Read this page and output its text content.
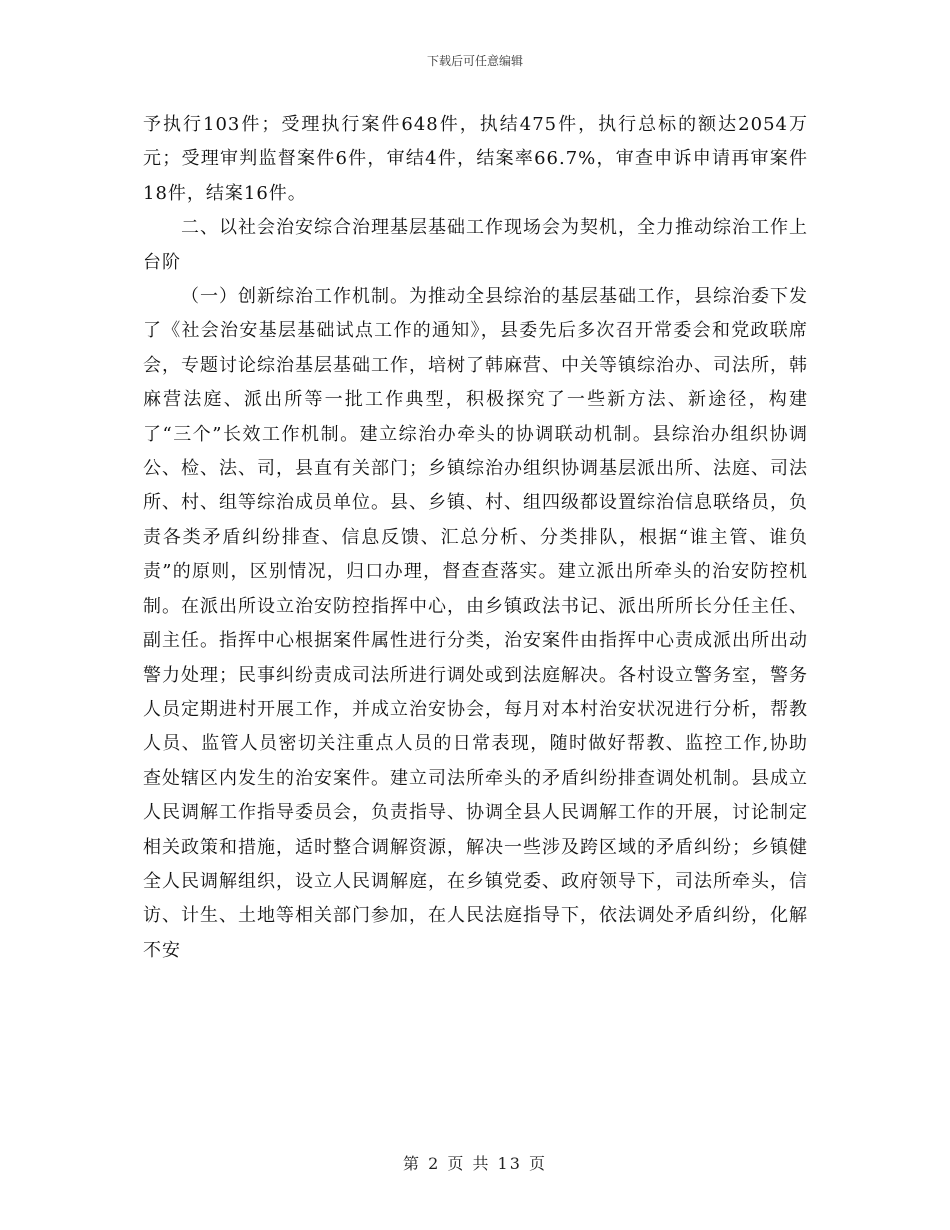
下载后可任意编辑

予执行103件；受理执行案件648件，执结475件，执行总标的额达2054万元；受理审判监督案件6件，审结4件，结案率66.7%，审查申诉申请再审案件18件，结案16件。

二、以社会治安综合治理基层基础工作现场会为契机，全力推动综治工作上台阶

（一）创新综治工作机制。为推动全县综治的基层基础工作，县综治委下发了《社会治安基层基础试点工作的通知》，县委先后多次召开常委会和党政联席会，专题讨论综治基层基础工作，培树了韩麻营、中关等镇综治办、司法所，韩麻营法庭、派出所等一批工作典型，积极探究了一些新方法、新途径，构建了“三个”长效工作机制。建立综治办牵头的协调联动机制。县综治办组织协调公、检、法、司，县直有关部门；乡镇综治办组织协调基层派出所、法庭、司法所、村、组等综治成员单位。县、乡镇、村、组四级都设置综治信息联络员，负责各类矛盾纠纷排查、信息反馈、汇总分析、分类排队，根据“谁主管、谁负责”的原则，区别情况，归口办理，督查查落实。建立派出所牵头的治安防控机制。在派出所设立治安防控指挥中心，由乡镇政法书记、派出所所长分任主任、副主任。指挥中心根据案件属性进行分类，治安案件由指挥中心责成派出所出动警力处理；民事纠纷责成司法所进行调处或到法庭解决。各村设立警务室，警务人员定期进村开展工作，并成立治安协会，每月对本村治安状况进行分析，帮教人员、监管人员密切关注重点人员的日常表现，随时做好帮教、监控工作,协助查处辖区内发生的治安案件。建立司法所牵头的矛盾纠纷排查调处机制。县成立人民调解工作指导委员会，负责指导、协调全县人民调解工作的开展，讨论制定相关政策和措施，适时整合调解资源，解决一些涉及跨区域的矛盾纠纷；乡镇健全人民调解组织，设立人民调解庭，在乡镇党委、政府领导下，司法所牵头，信访、计生、土地等相关部门参加，在人民法庭指导下，依法调处矛盾纠纷，化解不安

第 2 页 共 13 页
